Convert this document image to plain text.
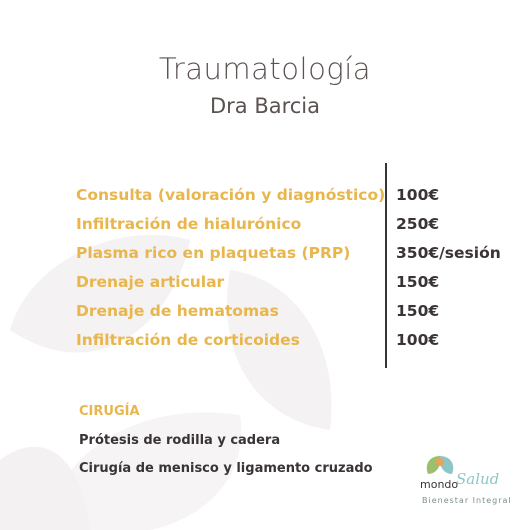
Traumatología
Dra Barcia
Consulta (valoración y diagnóstico) 100€
Infiltración de hialurónico	250€
Plasma rico en plaquetas (PRP)	350€/sesión
Drenaje articular	150€
Drenaje de hematomas	150€
Infiltración de corticoides	100€
CIRUGÍA
Prótesis de rodilla y cadera
Cirugía de menisco y ligamento cruzado
mondo
Salud
Bienestar Integral
